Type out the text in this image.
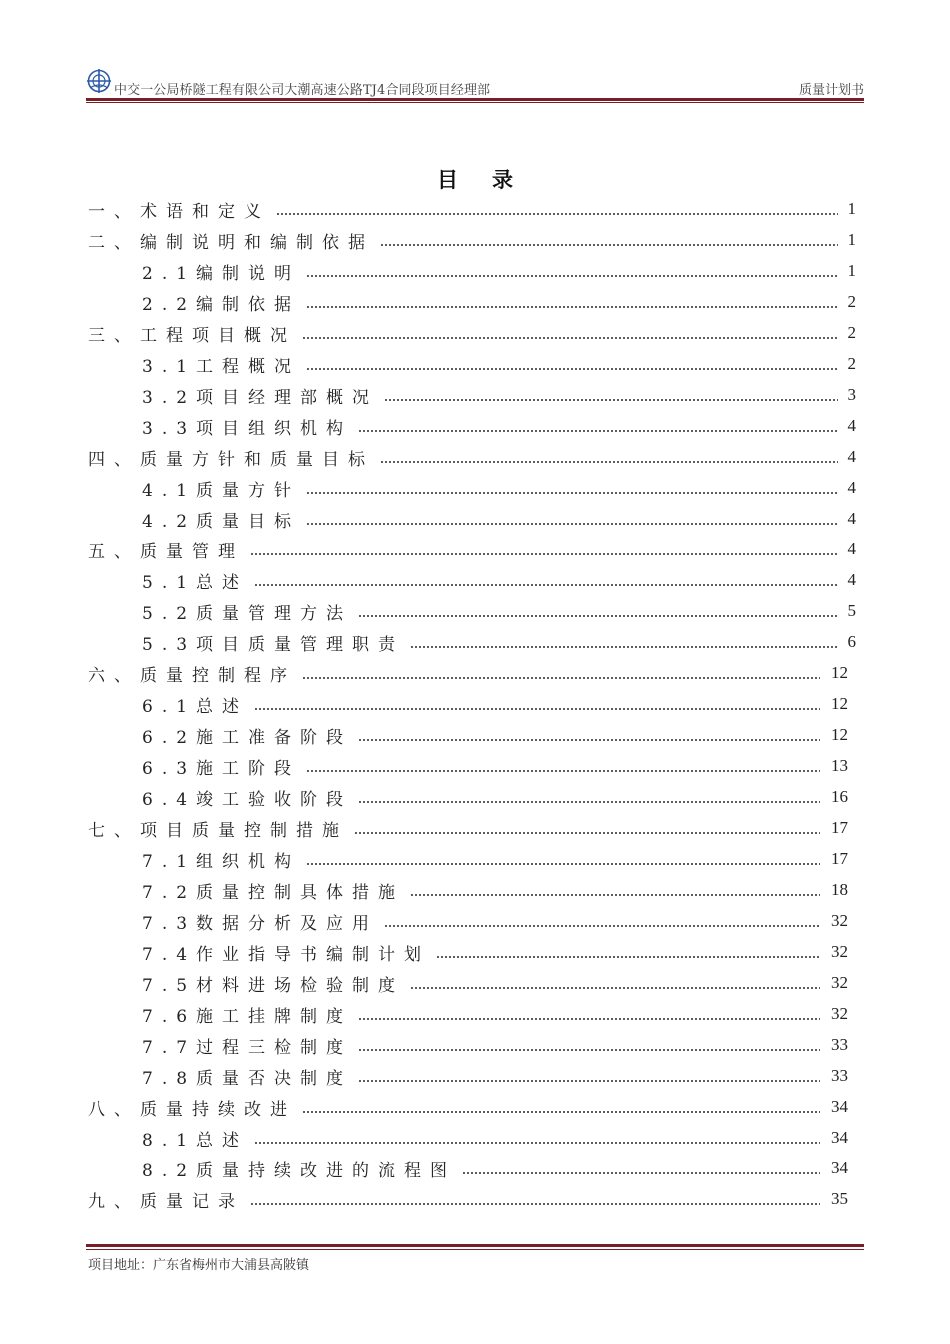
中交一公局桥隧工程有限公司大潮高速公路TJ4合同段项目经理部	质量计划书
目 录
一、术语和定义	1
二、编制说明和编制依据	1
2.1编制说明	1
2.2编制依据	2
三、工程项目概况	2
3.1工程概况	2
3.2项目经理部概况	3
3.3项目组织机构	4
四、质量方针和质量目标	4
4.1质量方针	4
4.2质量目标	4
五、质量管理	4
5.1总述	4
5.2质量管理方法	5
5.3项目质量管理职责	6
六、质量控制程序	12
6.1总述	12
6.2施工准备阶段	12
6.3施工阶段	13
6.4竣工验收阶段	16
七、项目质量控制措施	17
7.1组织机构	17
7.2质量控制具体措施	18
7.3数据分析及应用	32
7.4作业指导书编制计划	32
7.5材料进场检验制度	32
7.6施工挂牌制度	32
7.7过程三检制度	33
7.8质量否决制度	33
八、质量持续改进	34
8.1总述	34
8.2质量持续改进的流程图	34
九、质量记录	35
项目地址：广东省梅州市大浦县高陂镇
